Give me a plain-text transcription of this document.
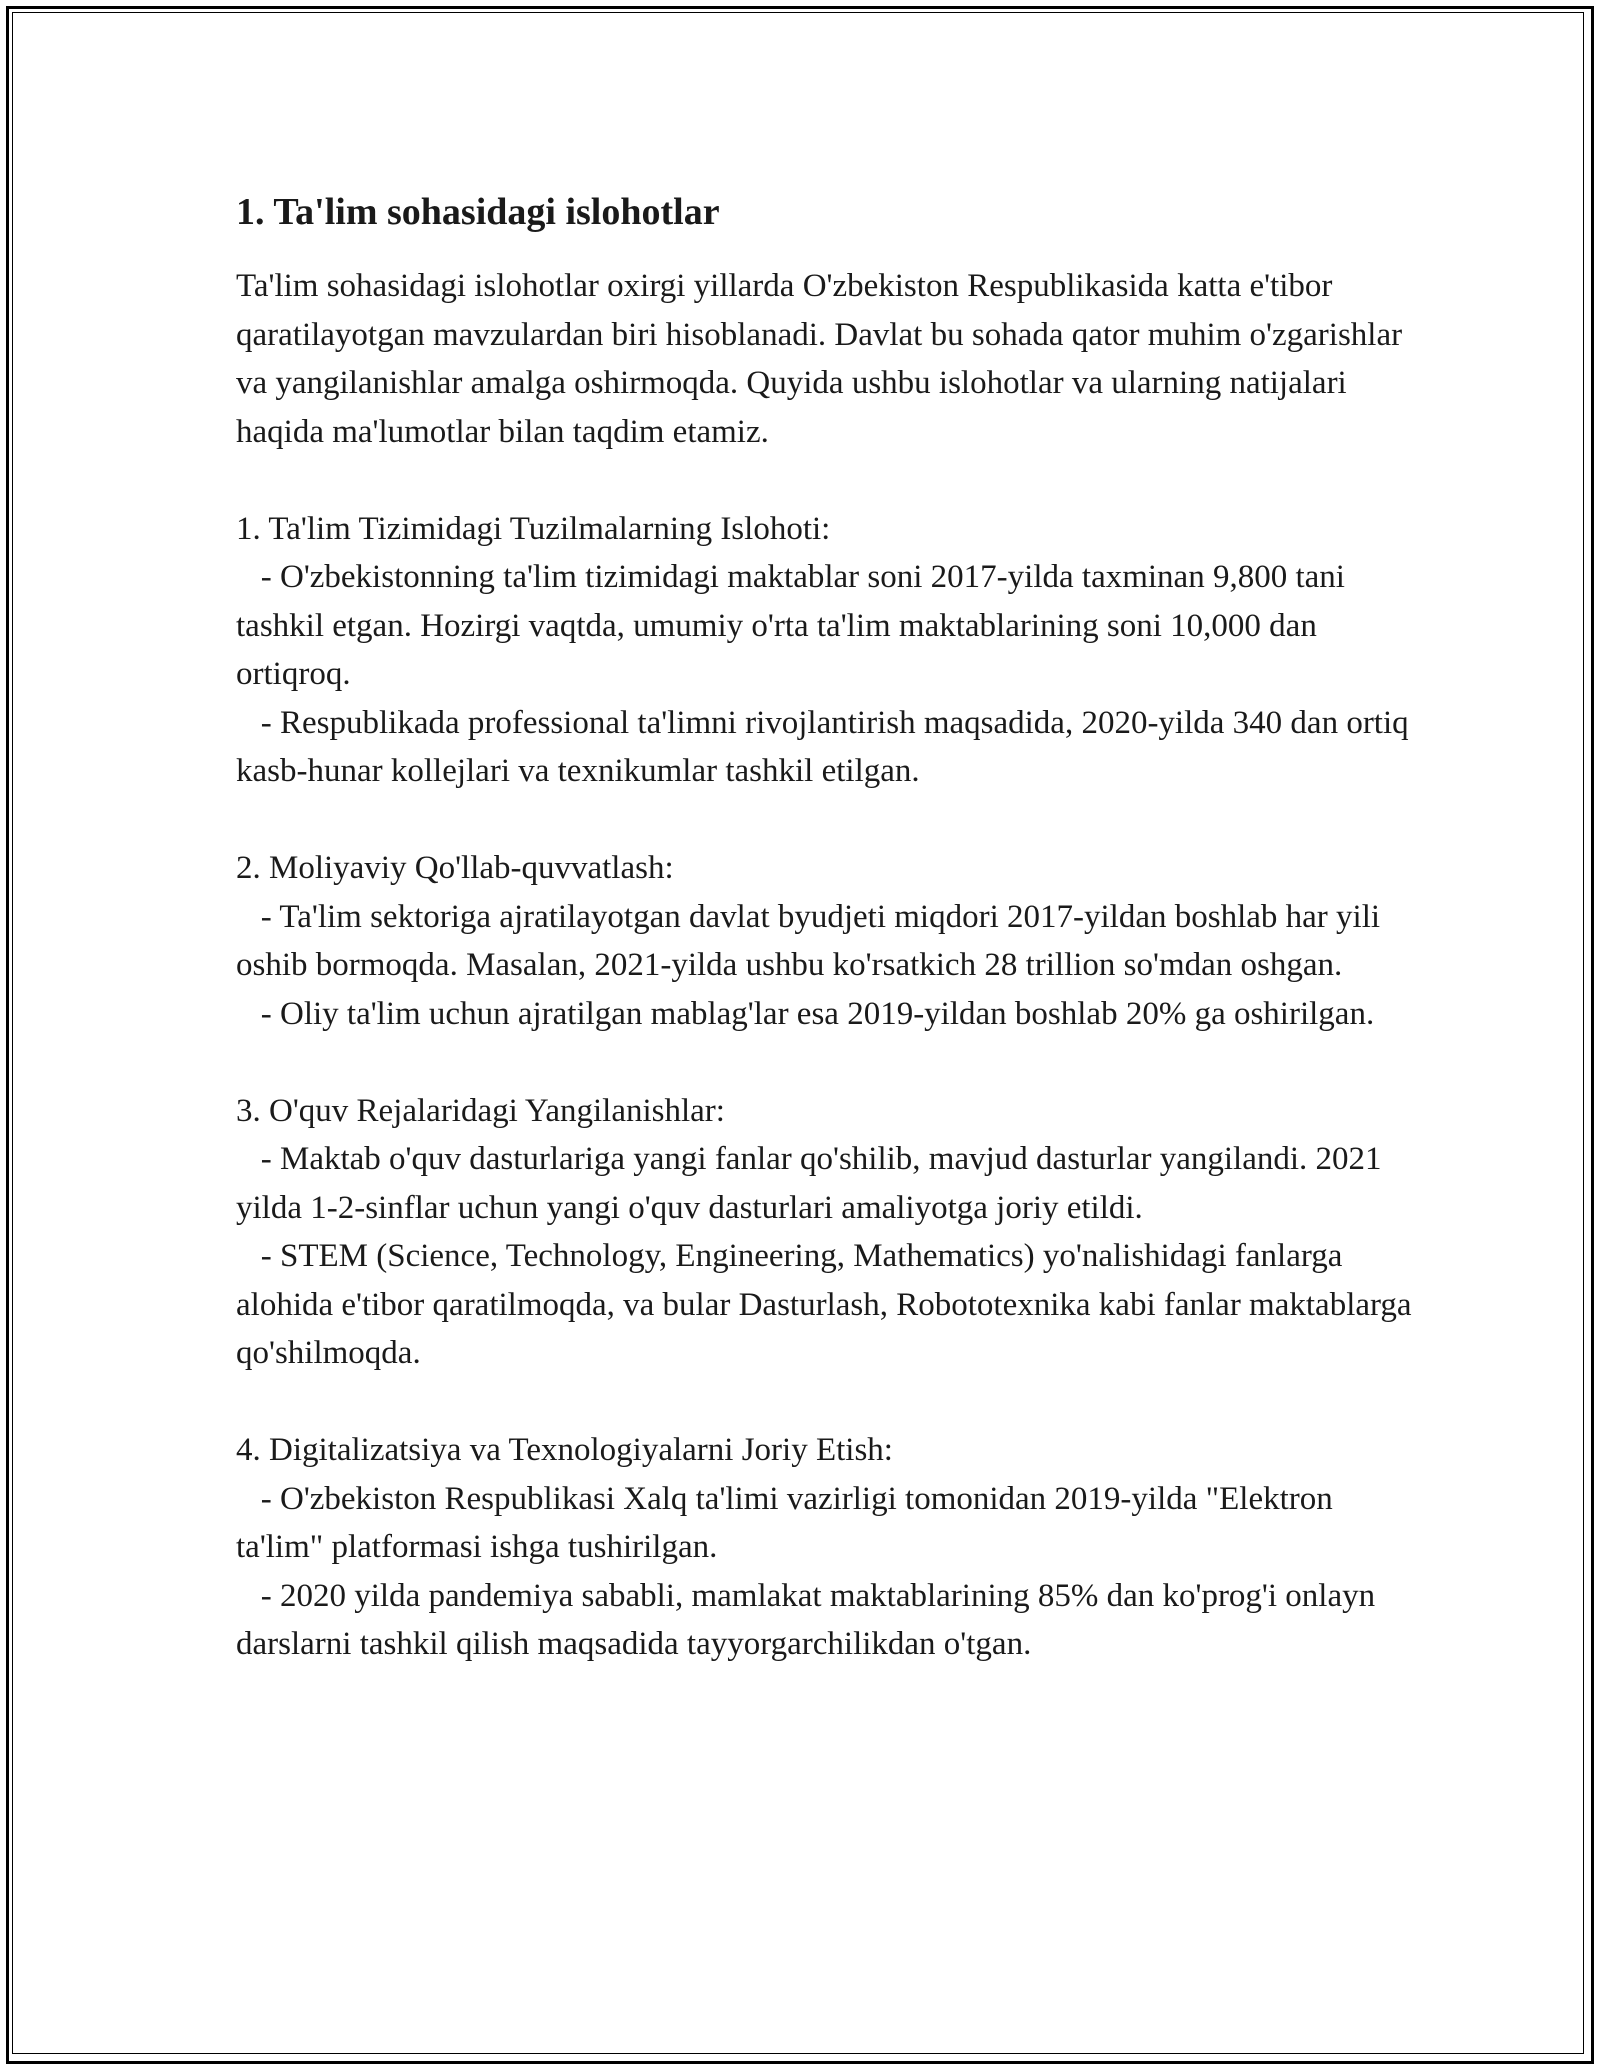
1. Ta'lim sohasidagi islohotlar

Ta'lim sohasidagi islohotlar oxirgi yillarda O'zbekiston Respublikasida katta e'tibor qaratilayotgan mavzulardan biri hisoblanadi. Davlat bu sohada qator muhim o'zgarishlar va yangilanishlar amalga oshirmoqda. Quyida ushbu islohotlar va ularning natijalari haqida ma'lumotlar bilan taqdim etamiz.

1. Ta'lim Tizimidagi Tuzilmalarning Islohoti:

- O'zbekistonning ta'lim tizimidagi maktablar soni 2017-yilda taxminan 9,800 tani tashkil etgan. Hozirgi vaqtda, umumiy o'rta ta'lim maktablarining soni 10,000 dan ortiqroq.

- Respublikada professional ta'limni rivojlantirish maqsadida, 2020-yilda 340 dan ortiq kasb-hunar kollejlari va texnikumlar tashkil etilgan.

2. Moliyaviy Qo'llab-quvvatlash:

- Ta'lim sektoriga ajratilayotgan davlat byudjeti miqdori 2017-yildan boshlab har yili oshib bormoqda. Masalan, 2021-yilda ushbu ko'rsatkich 28 trillion so'mdan oshgan.

- Oliy ta'lim uchun ajratilgan mablag'lar esa 2019-yildan boshlab 20% ga oshirilgan.

3. O'quv Rejalaridagi Yangilanishlar:

- Maktab o'quv dasturlariga yangi fanlar qo'shilib, mavjud dasturlar yangilandi. 2021 yilda 1-2-sinflar uchun yangi o'quv dasturlari amaliyotga joriy etildi.

- STEM (Science, Technology, Engineering, Mathematics) yo'nalishidagi fanlarga alohida e'tibor qaratilmoqda, va bular Dasturlash, Robototexnika kabi fanlar maktablarga qo'shilmoqda.

4. Digitalizatsiya va Texnologiyalarni Joriy Etish:

- O'zbekiston Respublikasi Xalq ta'limi vazirligi tomonidan 2019-yilda "Elektron ta'lim" platformasi ishga tushirilgan.

- 2020 yilda pandemiya sababli, mamlakat maktablarining 85% dan ko'prog'i onlayn darslarni tashkil qilish maqsadida tayyorgarchilikdan o'tgan.
